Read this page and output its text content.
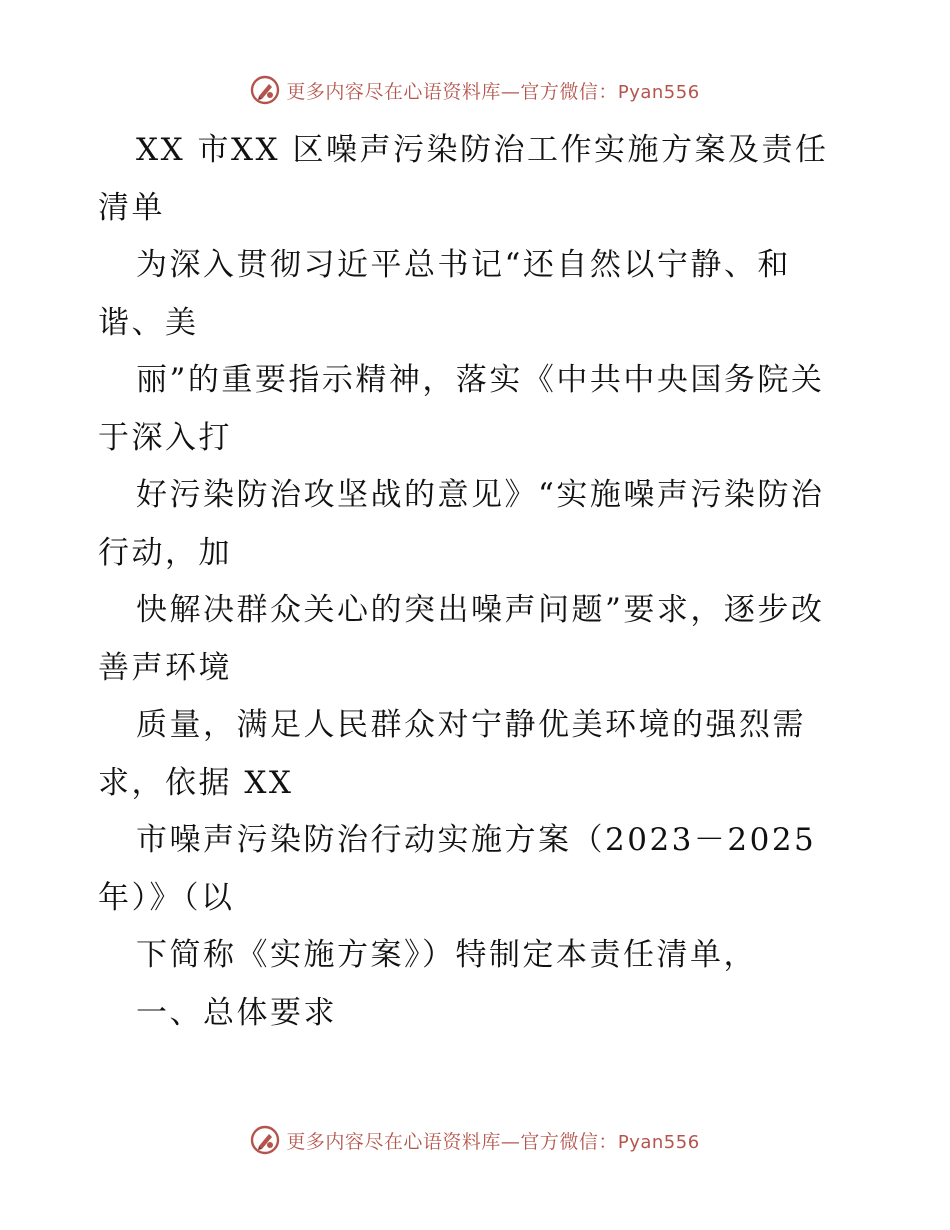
更多内容尽在心语资料库—官方微信：Pyan556
XX 市XX 区噪声污染防治工作实施方案及责任
清单
为深入贯彻习近平总书记“还自然以宁静、和
谐、美
丽”的重要指示精神，落实《中共中央国务院关
于深入打
好污染防治攻坚战的意见》“实施噪声污染防治
行动，加
快解决群众关心的突出噪声问题”要求，逐步改
善声环境
质量，满足人民群众对宁静优美环境的强烈需
求，依据 XX
市噪声污染防治行动实施方案（2023－2025
年）》（以
下简称《实施方案》）特制定本责任清单，
一、总体要求
更多内容尽在心语资料库—官方微信：Pyan556
